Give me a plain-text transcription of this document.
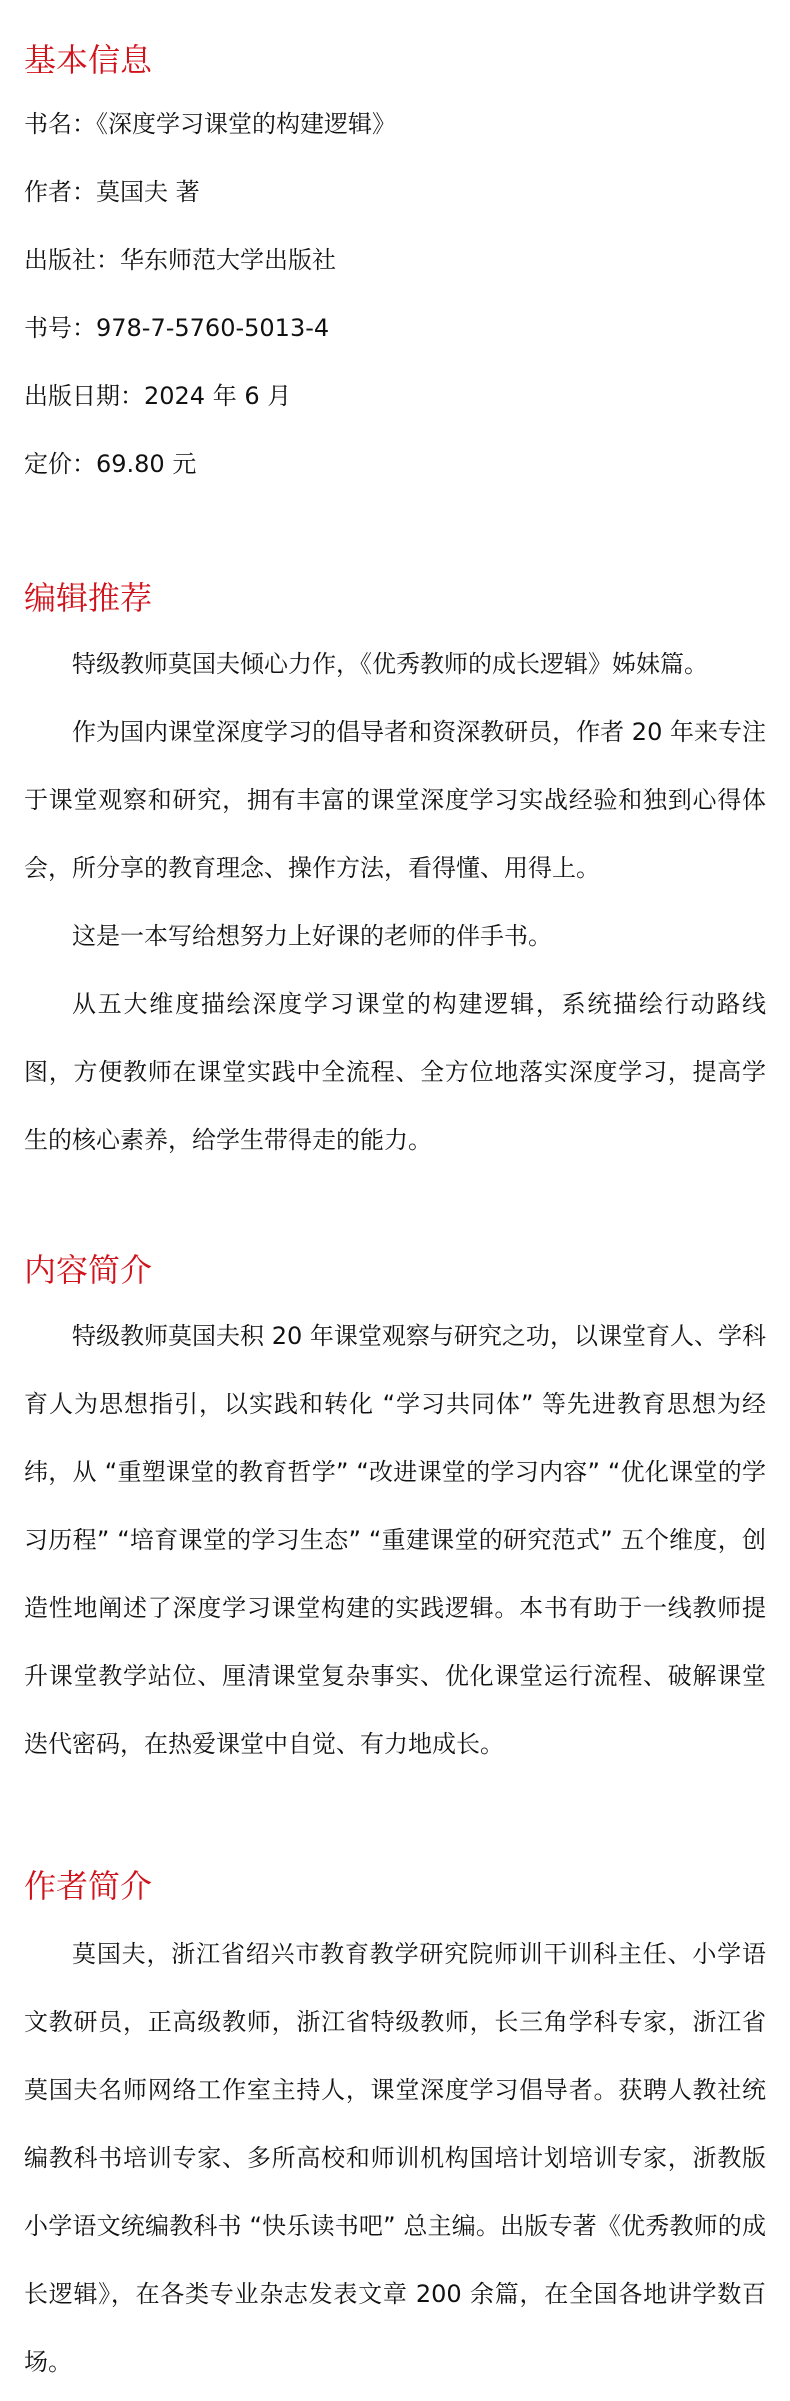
基本信息

书名：《深度学习课堂的构建逻辑》

作者：莫国夫 著

出版社：华东师范大学出版社

书号：978-7-5760-5013-4

出版日期：2024 年 6 月

定价：69.80 元

编辑推荐

特级教师莫国夫倾心力作，《优秀教师的成长逻辑》姊妹篇。

作为国内课堂深度学习的倡导者和资深教研员，作者 20 年来专注于课堂观察和研究，拥有丰富的课堂深度学习实战经验和独到心得体会，所分享的教育理念、操作方法，看得懂、用得上。

这是一本写给想努力上好课的老师的伴手书。

从五大维度描绘深度学习课堂的构建逻辑，系统描绘行动路线图，方便教师在课堂实践中全流程、全方位地落实深度学习，提高学生的核心素养，给学生带得走的能力。

内容简介

特级教师莫国夫积 20 年课堂观察与研究之功，以课堂育人、学科育人为思想指引，以实践和转化 “学习共同体” 等先进教育思想为经纬，从 “重塑课堂的教育哲学” “改进课堂的学习内容” “优化课堂的学习历程” “培育课堂的学习生态” “重建课堂的研究范式” 五个维度，创造性地阐述了深度学习课堂构建的实践逻辑。本书有助于一线教师提升课堂教学站位、厘清课堂复杂事实、优化课堂运行流程、破解课堂迭代密码，在热爱课堂中自觉、有力地成长。

作者简介

莫国夫，浙江省绍兴市教育教学研究院师训干训科主任、小学语文教研员，正高级教师，浙江省特级教师，长三角学科专家，浙江省莫国夫名师网络工作室主持人，课堂深度学习倡导者。获聘人教社统编教科书培训专家、多所高校和师训机构国培计划培训专家，浙教版小学语文统编教科书 “快乐读书吧” 总主编。出版专著《优秀教师的成长逻辑》，在各类专业杂志发表文章 200 余篇，在全国各地讲学数百场。
